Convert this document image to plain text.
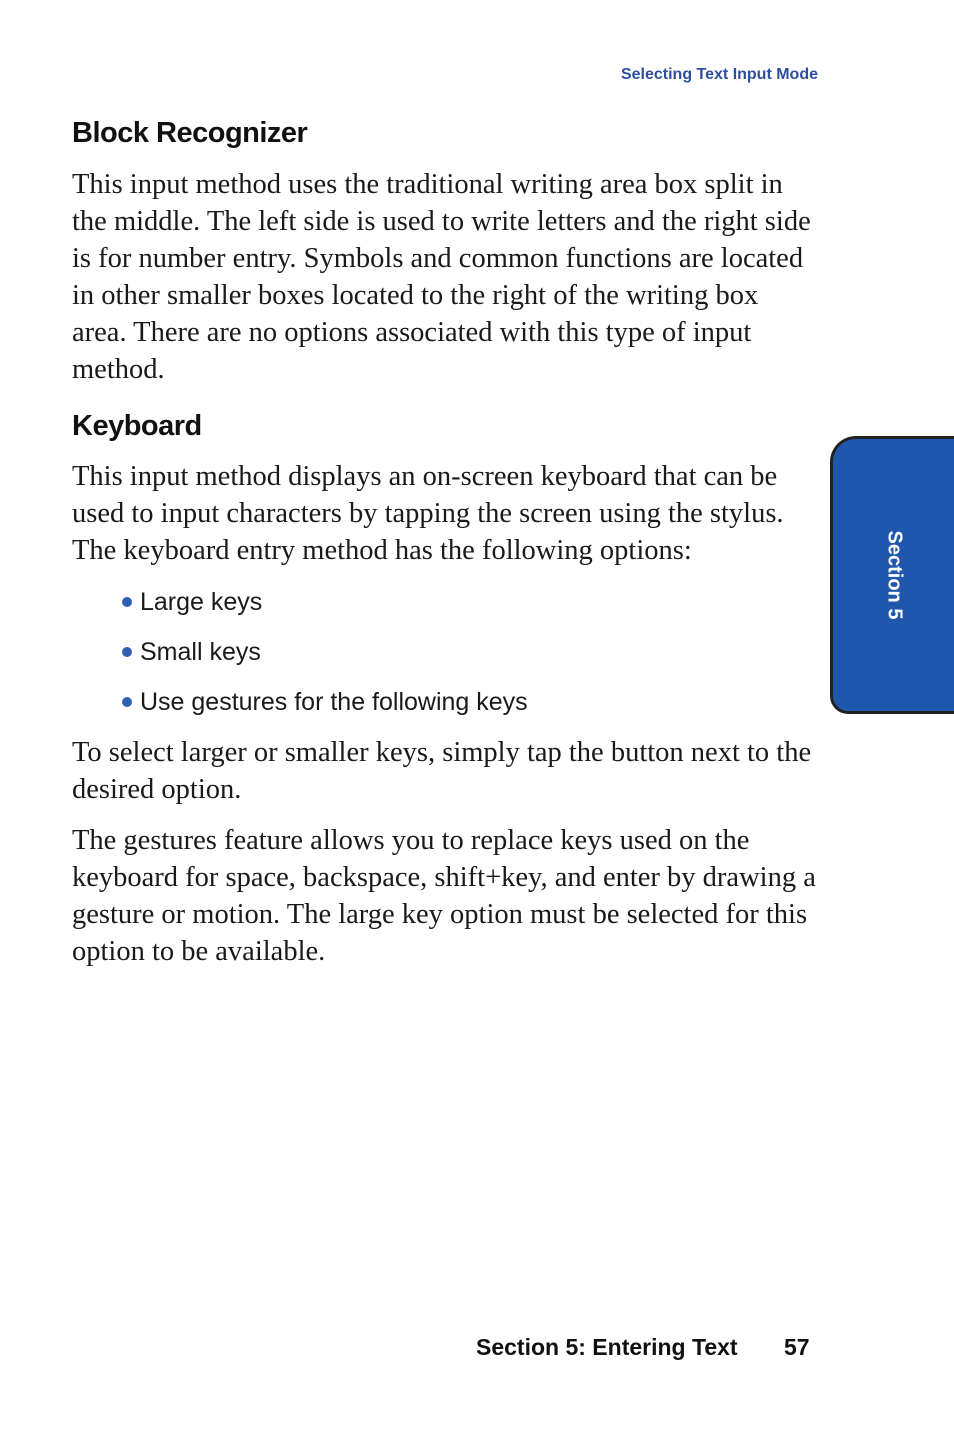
Selecting Text Input Mode
Block Recognizer

This input method uses the traditional writing area box split in the middle. The left side is used to write letters and the right side is for number entry. Symbols and common functions are located in other smaller boxes located to the right of the writing box area. There are no options associated with this type of input method.

Keyboard

This input method displays an on-screen keyboard that can be used to input characters by tapping the screen using the stylus. The keyboard entry method has the following options:

Large keys
Small keys
Use gestures for the following keys

To select larger or smaller keys, simply tap the button next to the desired option.

The gestures feature allows you to replace keys used on the keyboard for space, backspace, shift+key, and enter by drawing a gesture or motion. The large key option must be selected for this option to be available.

Section 5
Section 5: Entering Text 57
